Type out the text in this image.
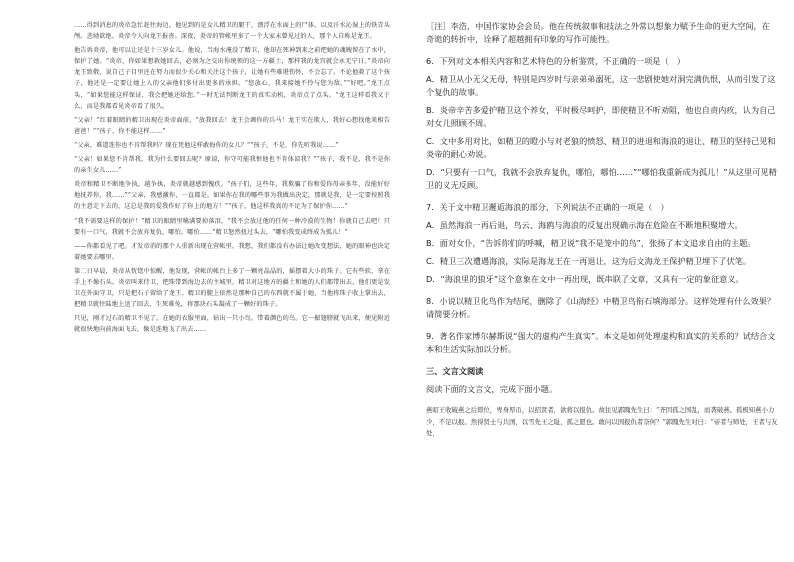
……得到消息的炎帝急忙赶往海边。他见到的是女儿精卫的躯干，漂浮在水面上的尸体，以及汗水沁湿上的铁青头颅。悲恸欲绝。炎帝令人向龙王报丧。深夜，炎帝的管帐里多了一个大家未曾见过的人，那个人自称是龙王。

他告诉炎帝，他可以让还是十三岁女儿。他说，当海水淹没了精卫，他却在死神到来之前把她的魂魄留在了水中，保护了她。“炎帝，你如果想救她回去，必须为之交出你统领的这一方疆土，那样我的龙宫就会永无宁日。”炎帝向龙王致敬，说自己子目里还在努力而很少关心和关注这个孩子，让她有些难堪伤怀，不会忘了。不论他救了这个孩子，他还是一定要让她上人的父亲他们多付出更多的承担。“您放心，我来接她不怜与您为敌。”“好吧。”龙王点头，“如果您能这样保证，我会把她还给您。”一时无法判断龙王的真实动机，炎帝点了点头。“龙王这样看我又于么，而是我都看见炎帝看了很久。

“父亲！”红着眼睛的精卫出现在炎帝面前，“放我回去！龙王会调你的兵马！龙王实在欺人，我好心想找他来相告爸爸！”“孩子，你不能这样……”

“父亲，难道连你也不肯帮我吗？现在凭他这样敢侮你的女儿？”“孩子，不是，你先听我说……”

“父亲！如果您不肯帮我，我为什么要回去呢？原谅，你守可能我恨他也不肯体谅我？”“孩子，我不是，我不是你的亲生女儿……”

炎帝和精卫不断地争执，越争执，炎帝就越感到愧疚。“孩子们，这些年，我欺骗了你和爱你母亲多年，没能好好地抚养你，我……”“父亲，我感激你，一直都是。如果你在我的哪些事为我做出决定，那就是我，是一定要按照我的主意走下去的，这总是我的爱我作好了你上的地方！”“孩子，他这样我真的不足为了保护你……”

“我不需要这样的保护！”精卫的眼睛里噙满要掉落泪，“我不会放过他的任何一种冷漠的生物！你就自己去吧！只要有一口气，我就不会放弃复仇，哪怕，哪怕……”精卫怒然扭过头去，“哪怕我变成终成为孤儿！”

——你都看见了吧。才发帝消的那个人重新出现在营帐里。我想，我们都没有办法让她改变想法，她的眼神也决定着她要去哪里。

第二日早晨，炎帝从恍惚中惊醒，他发现，营帐的帐台上多了一颗亮晶晶的，摇摆着大小的珠子。它有些软，拿在手上不像石头。炎帝叫来侍卫，把珠带到海边去的主城里，精卫对这地方的疆土和她的人们都带出去，他们更是发卫在外面守卫，只是把石子留给了龙王。精卫的腿上依然是那种自己的东西就不属于她，当他将珠子收上掌出去，把精卫就往陆地上送了回去，生死难免，将那块石头凝成了一颗好的珠子。

只见，刚才过石的精卫不见了。在她的衣服里面，钻出一只小鸟，带着颜色的鸟。它一振翅膀就飞出来，便见附近就很快地向前海面飞去，像是连地飞了出去……

［注］李浩，中国作家协会会员。他在传统叙事和技法之外常以想象力赋予生命的更大空间，在奇诡的转折中，诠释了超越拥有印象的写作可能性。

6．下列对文本相关内容和艺术特色的分析鉴赏，不正确的一项是（　）

A．精卫从小无父无母，特别是四岁时与亲弟弟溺死，这一悲剧使她对洞完满仇恨，从而引发了这个复仇的故事。

B．炎帝辛苦多爱护精卫这个养女，平时极尽呵护，即使精卫不听劝阻，他也自责内疚，认为自己对女儿照顾不周。

C．文中多用对比，如精卫的瞪小与对老狼的愤怒、精卫的进退和海浪的退让、精卫的坚持己见和炎帝的耐心劝说。

D．“只要有一口气，我就不会放弃复仇，哪怕，哪怕……”“哪怕我重新成为孤儿！”从这里可见精卫的义无反顾。

7．关于文中精卫邂逅海浪的部分，下列说法不正确的一项是（　）

A．虽然海浪一再后退，鸟云、海鸥与海浪的反复出现确示海在危险在不断地积聚增大。

B．面对女仆，“告诉你们的呼喊，精卫说“我不是笼中的鸟”，张扬了本文追求自由的主题。

C．精卫三次遭遇海浪，实际是海龙王在一再退让，这为后文海龙王保护精卫埋下了伏笔。

D．“海浪里的狼牙”这个意象在文中一再出现，既串联了文章，又具有一定的象征意义。

8．小说以精卫化鸟作为结尾，删除了《山海经》中精卫鸟衔石填海部分。这样处理有什么效果？请简要分析。

9．著名作家博尔赫斯说“强大的虚构产生真实”。本文是如何处理虚构和真实的关系的？试结合文本和生活实际加以分析。

三、文言文阅读

阅读下面的文言文，完成下面小题。

燕昭王收破燕之后即位，卑身厚币，以招贤者，欲将以报仇。故往见郭隗先生曰：“齐因孤之国乱，而袭破燕。孤极知燕小力少，不足以报。然得贤士与共国，以雪先王之耻，孤之愿也。敢问以国报仇者奈何？”郭隗先生对曰：“帝者与师处，王者与友处，
